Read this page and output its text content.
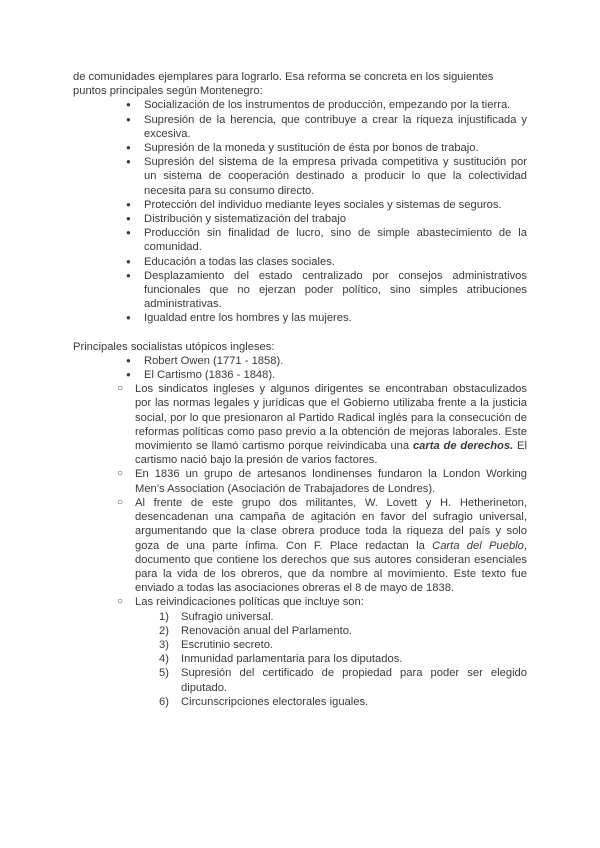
de comunidades ejemplares para lograrlo. Esa reforma se concreta en los siguientes puntos principales según Montenegro:

● Socialización de los instrumentos de producción, empezando por la tierra.
● Supresión de la herencia, que contribuye a crear la riqueza injustificada y excesiva.
● Supresión de la moneda y sustitución de ésta por bonos de trabajo.
● Supresión del sistema de la empresa privada competitiva y sustitución por un sistema de cooperación destinado a producir lo que la colectividad necesita para su consumo directo.
● Protección del individuo mediante leyes sociales y sistemas de seguros.
● Distribución y sistematización del trabajo
● Producción sin finalidad de lucro, sino de simple abastecimiento de la comunidad.
● Educación a todas las clases sociales.
● Desplazamiento del estado centralizado por consejos administrativos funcionales que no ejerzan poder político, sino simples atribuciones administrativas.
● Igualdad entre los hombres y las mujeres.

Principales socialistas utópicos ingleses:

● Robert Owen (1771 - 1858).
● El Cartismo (1836 - 1848).
○ Los sindicatos ingleses y algunos dirigentes se encontraban obstaculizados por las normas legales y jurídicas que el Gobierno utilizaba frente a la justicia social, por lo que presionaron al Partido Radical inglés para la consecución de reformas políticas como paso previo a la obtención de mejoras laborales. Este movimiento se llamó cartismo porque reivindicaba una carta de derechos. El cartismo nació bajo la presión de varios factores.
○ En 1836 un grupo de artesanos londinenses fundaron la London Working Men’s Association (Asociación de Trabajadores de Londres).
○ Al frente de este grupo dos militantes, W. Lovett y H. Hetherineton, desencadenan una campaña de agitación en favor del sufragio universal, argumentando que la clase obrera produce toda la riqueza del país y solo goza de una parte ínfima. Con F. Place redactan la Carta del Pueblo, documento que contiene los derechos que sus autores consideran esenciales para la vida de los obreros, que da nombre al movimiento. Este texto fue enviado a todas las asociaciones obreras el 8 de mayo de 1838.
○ Las reivindicaciones políticas que incluye son:
1) Sufragio universal.
2) Renovación anual del Parlamento.
3) Escrutinio secreto.
4) Inmunidad parlamentaria para los diputados.
5) Supresión del certificado de propiedad para poder ser elegido diputado.
6) Circunscripciones electorales iguales.
